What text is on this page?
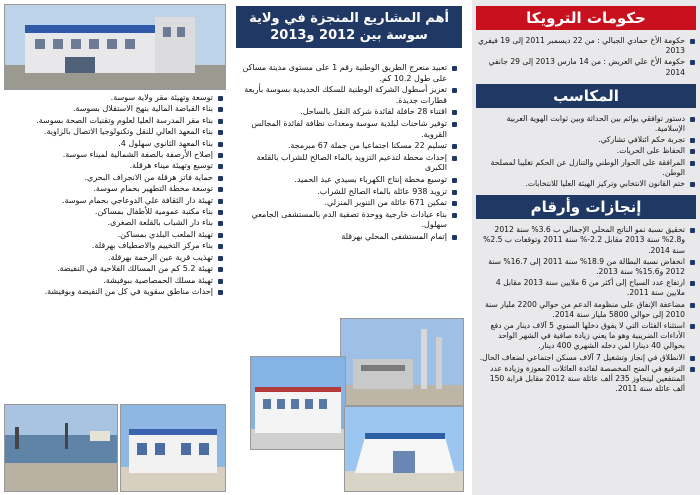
توسعة وتهيئة مقر ولاية سوسة.
بناء القباضة المالية بنهج الاستقلال بسوسة.
بناء مقر المدرسة العليا لعلوم وتقنيات الصحة بسوسة.
بناء المعهد العالي للنقل وتكنولوجيا الاتصال بالزاوية.
بناء المعهد الثانوي سهلول 4.
إصلاح الأرصفة بالصفة الشمالية لميناء سوسة.
توسيع وتهيئة ميناء هرقلة.
حماية فاتز هرقلة من الانجراف البحري.
توسعة محطة التطهير بحمام سوسة.
تهيئة دار الثقافة علي الدوعاجي بحمام سوسة.
بناء مكتبة عمومية للأطفال بمساكن.
بناء دار الشباب بالقلعة الصغرى.
تهيئة الملعب البلدي بمساكن.
بناء مركز التخييم والاصطياف بهرقلة.
تهذيب قرية عين الرحمة بهرقلة.
تهيئة 5.2 كم من المسالك الفلاحية في النفيضة.
تهيئة مسلك الحمصاصية ببوفيشة.
إحداث مناطق سقوية في كل من النفيضة وبوفيشة.
أهم المشاريع المنجزة في ولاية سوسة بين 2012 و2013
تعبيد منعرج الطريق الوطنية رقم 1 على مستوى مدينة مساكن على طول 10.2 كم.
تعزيز أسطول الشركة الوطنية للسكك الحديدية بسوسة بأربعة قطارات جديدة.
اقتناء 28 حافلة لفائدة شركة النقل بالساحل.
توفير شاحنات لبلدية سوسة ومعدات نظافة لفائدة المجالس القروية.
تسليم 22 مسكنا اجتماعيا من جملة 67 مبرمجة.
إحداث محطة لتدعيم التزويد بالماء الصالح للشراب بالقلعة الكبرى
توسيع محطة إنتاج الكهرباء بسيدي عبد الحميد.
تزويد 938 عائلة بالماء الصالح للشراب.
تمكين 671 عائلة من التنوير المنزلي.
بناء عيادات خارجية ووحدة تصفية الدم بالمستشفى الجامعي سهلول.
إتمام المستشفى المحلي بهرقلة
حكومات الترويكا
حكومة الأخ حمادي الجبالي : من 22 ديسمبر 2011 إلى 19 فيفري 2013
حكومة الأخ علي العريض : من 14 مارس 2013 إلى 29 جانفي 2014
المكاسب
دستور توافقي يوائم بين الحداثة وبين ثوابت الهوية العربية الإسلامية.
تجربة حكم ائتلافي تشاركي.
الحفاظ على الحريات.
المرافقة على الحوار الوطني والتنازل عن الحكم تغليبا لمصلحة الوطن.
ختم القانون الانتخابي وتركيز الهيئة العليا للانتخابات.
إنجازات وأرقام
تحقيق نسبة نمو الناتج المحلي الإجمالي ب 3.6% سنة 2012 و2.8% سنة 2013 مقابل 2.2-% سنة 2011 وتوقعات ب 2.5% سنة 2014.
انخفاض نسبة البطالة من 18.9% سنة 2011 إلى 16.7% سنة 2012 و15.6% سنة 2013.
ارتفاع عدد السياح إلى أكثر من 6 ملايين سنة 2013 مقابل 4 ملايين سنة 2011.
مضاعفة الإنفاق على منظومة الدعم من حوالي 2200 مليار سنة 2010 إلى حوالي 5800 مليار سنة 2014.
استثناء الفئات التي لا يفوق دخلها السنوي 5 آلاف دينار من دفع الأداءات الضريبية وهو ما يعني زيادة صافية في الشهر الواحد بحوالي 40 دينارا لمن دخله الشهري 400 دينار.
الانطلاق في إنجاز وتشغيل 7 آلاف مسكن اجتماعي لضعاف الحال.
الترفيع في المنح المخصصة لفائدة العائلات المعوزة وزيادة عدد المنتفعين ليتجاوز 235 ألف عائلة سنة 2012 مقابل قرابة 150 ألف عائلة سنة 2011.
